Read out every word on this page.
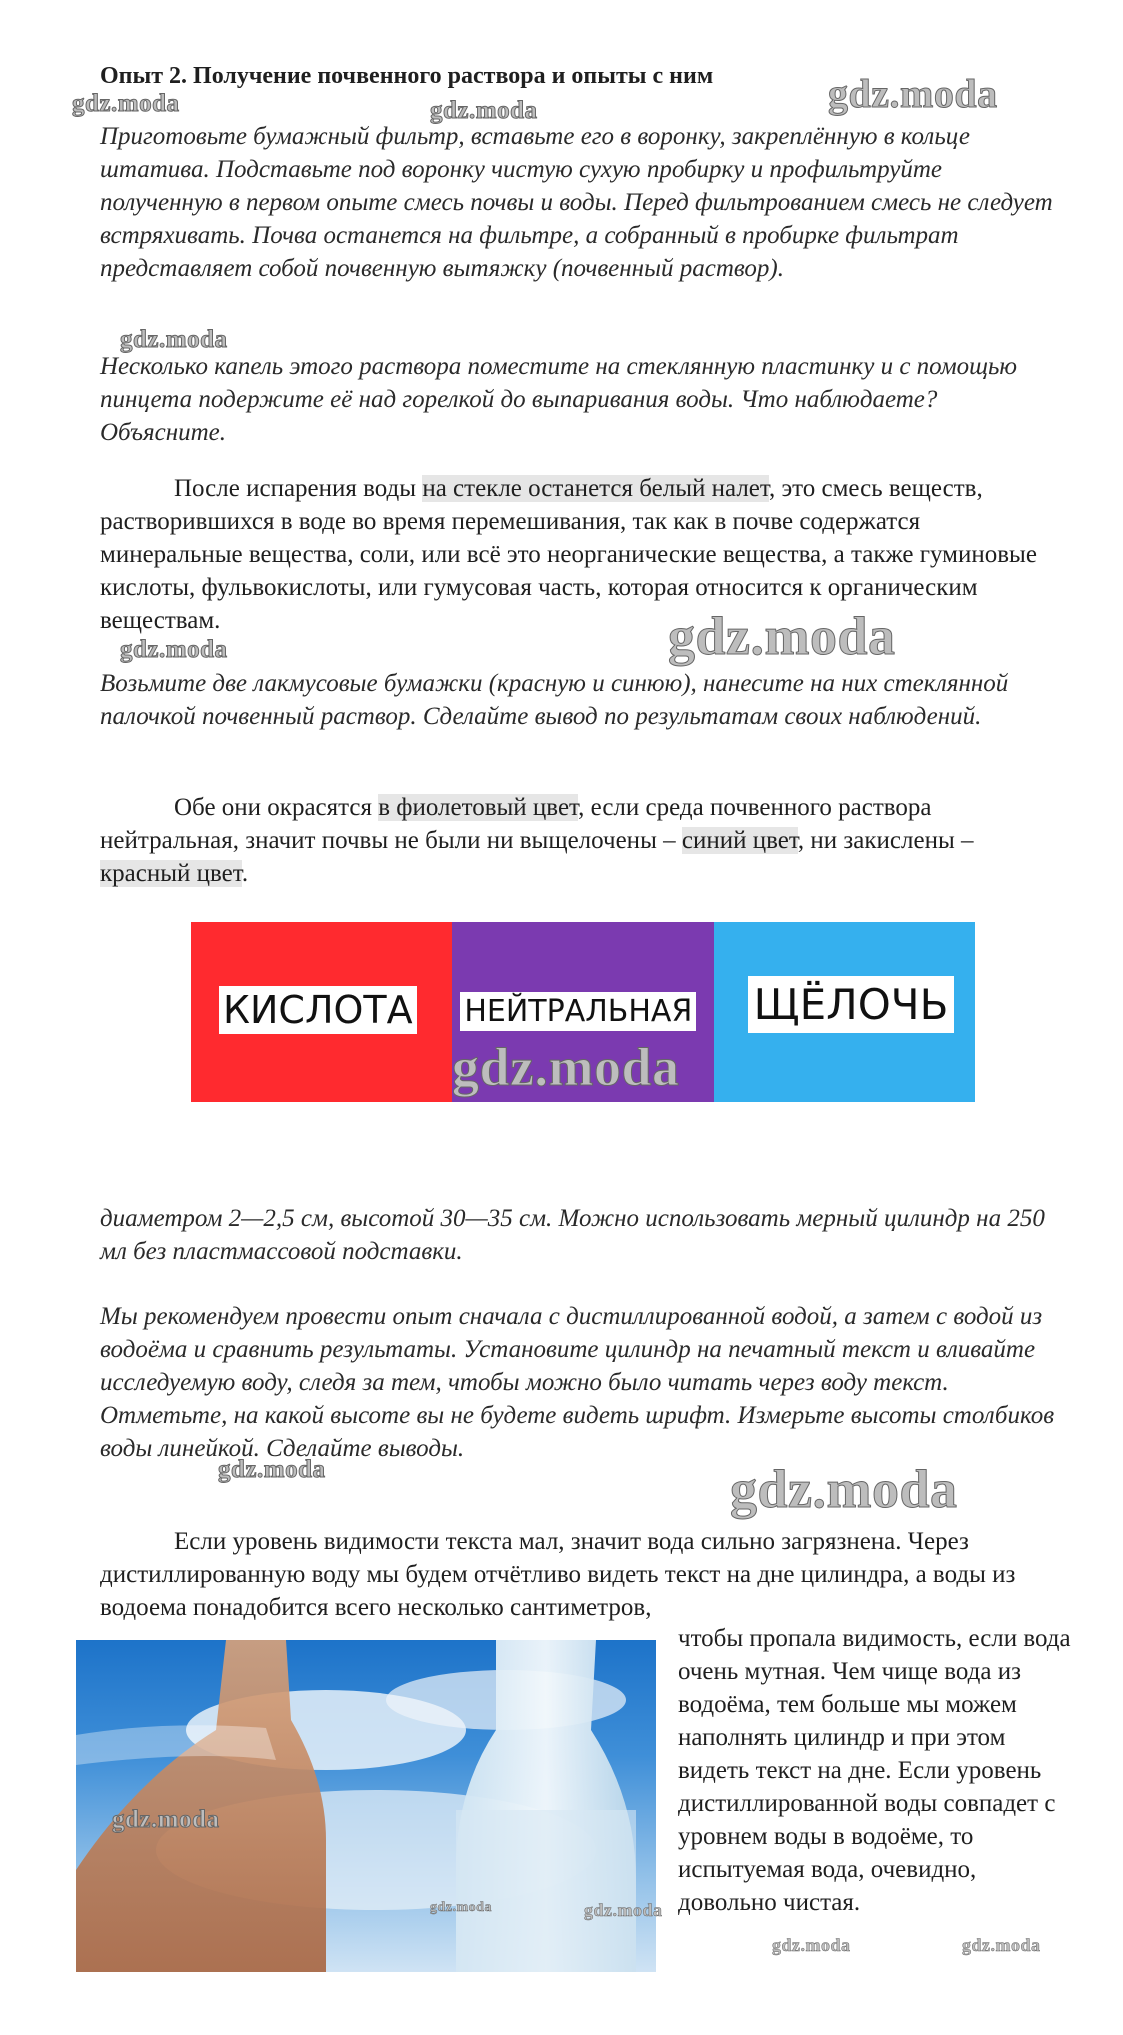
Опыт 2. Получение почвенного раствора и опыты с ним

Приготовьте бумажный фильтр, вставьте его в воронку, закреплённую в кольце штатива. Подставьте под воронку чистую сухую пробирку и профильтруйте полученную в первом опыте смесь почвы и воды. Перед фильтрованием смесь не следует встряхивать. Почва останется на фильтре, а собранный в пробирке фильтрат представляет собой почвенную вытяжку (почвенный раствор).

Несколько капель этого раствора поместите на стеклянную пластинку и с помощью пинцета подержите её над горелкой до выпаривания воды. Что наблюдаете? Объясните.

После испарения воды на стекле останется белый налет, это смесь веществ, растворившихся в воде во время перемешивания, так как в почве содержатся минеральные вещества, соли, или всё это неорганические вещества, а также гуминовые кислоты, фульвокислоты, или гумусовая часть, которая относится к органическим веществам.

Возьмите две лакмусовые бумажки (красную и синюю), нанесите на них стеклянной палочкой почвенный раствор. Сделайте вывод по результатам своих наблюдений.

Обе они окрасятся в фиолетовый цвет, если среда почвенного раствора нейтральная, значит почвы не были ни выщелочены – синий цвет, ни закислены – красный цвет.

КИСЛОТА НЕЙТРАЛЬНАЯ ЩЁЛОЧЬ

диаметром 2—2,5 см, высотой 30—35 см. Можно использовать мерный цилиндр на 250 мл без пластмассовой подставки.

Мы рекомендуем провести опыт сначала с дистиллированной водой, а затем с водой из водоёма и сравнить результаты. Установите цилиндр на печатный текст и вливайте исследуемую воду, следя за тем, чтобы можно было читать через воду текст. Отметьте, на какой высоте вы не будете видеть шрифт. Измерьте высоты столбиков воды линейкой. Сделайте выводы.

Если уровень видимости текста мал, значит вода сильно загрязнена. Через дистиллированную воду мы будем отчётливо видеть текст на дне цилиндра, а воды из водоема понадобится всего несколько сантиметров,

чтобы пропала видимость, если вода очень мутная. Чем чище вода из водоёма, тем больше мы можем наполнять цилиндр и при этом видеть текст на дне. Если уровень дистиллированной воды совпадет с уровнем воды в водоёме, то испытуемая вода, очевидно, довольно чистая.

gdz.moda	gdz.moda	gdz.moda
gdz.moda
gdz.moda
gdz.moda
gdz.moda
gdz.moda	gdz.moda
gdz.moda
gdz.moda	gdz.moda
gdz.moda	gdz.moda
